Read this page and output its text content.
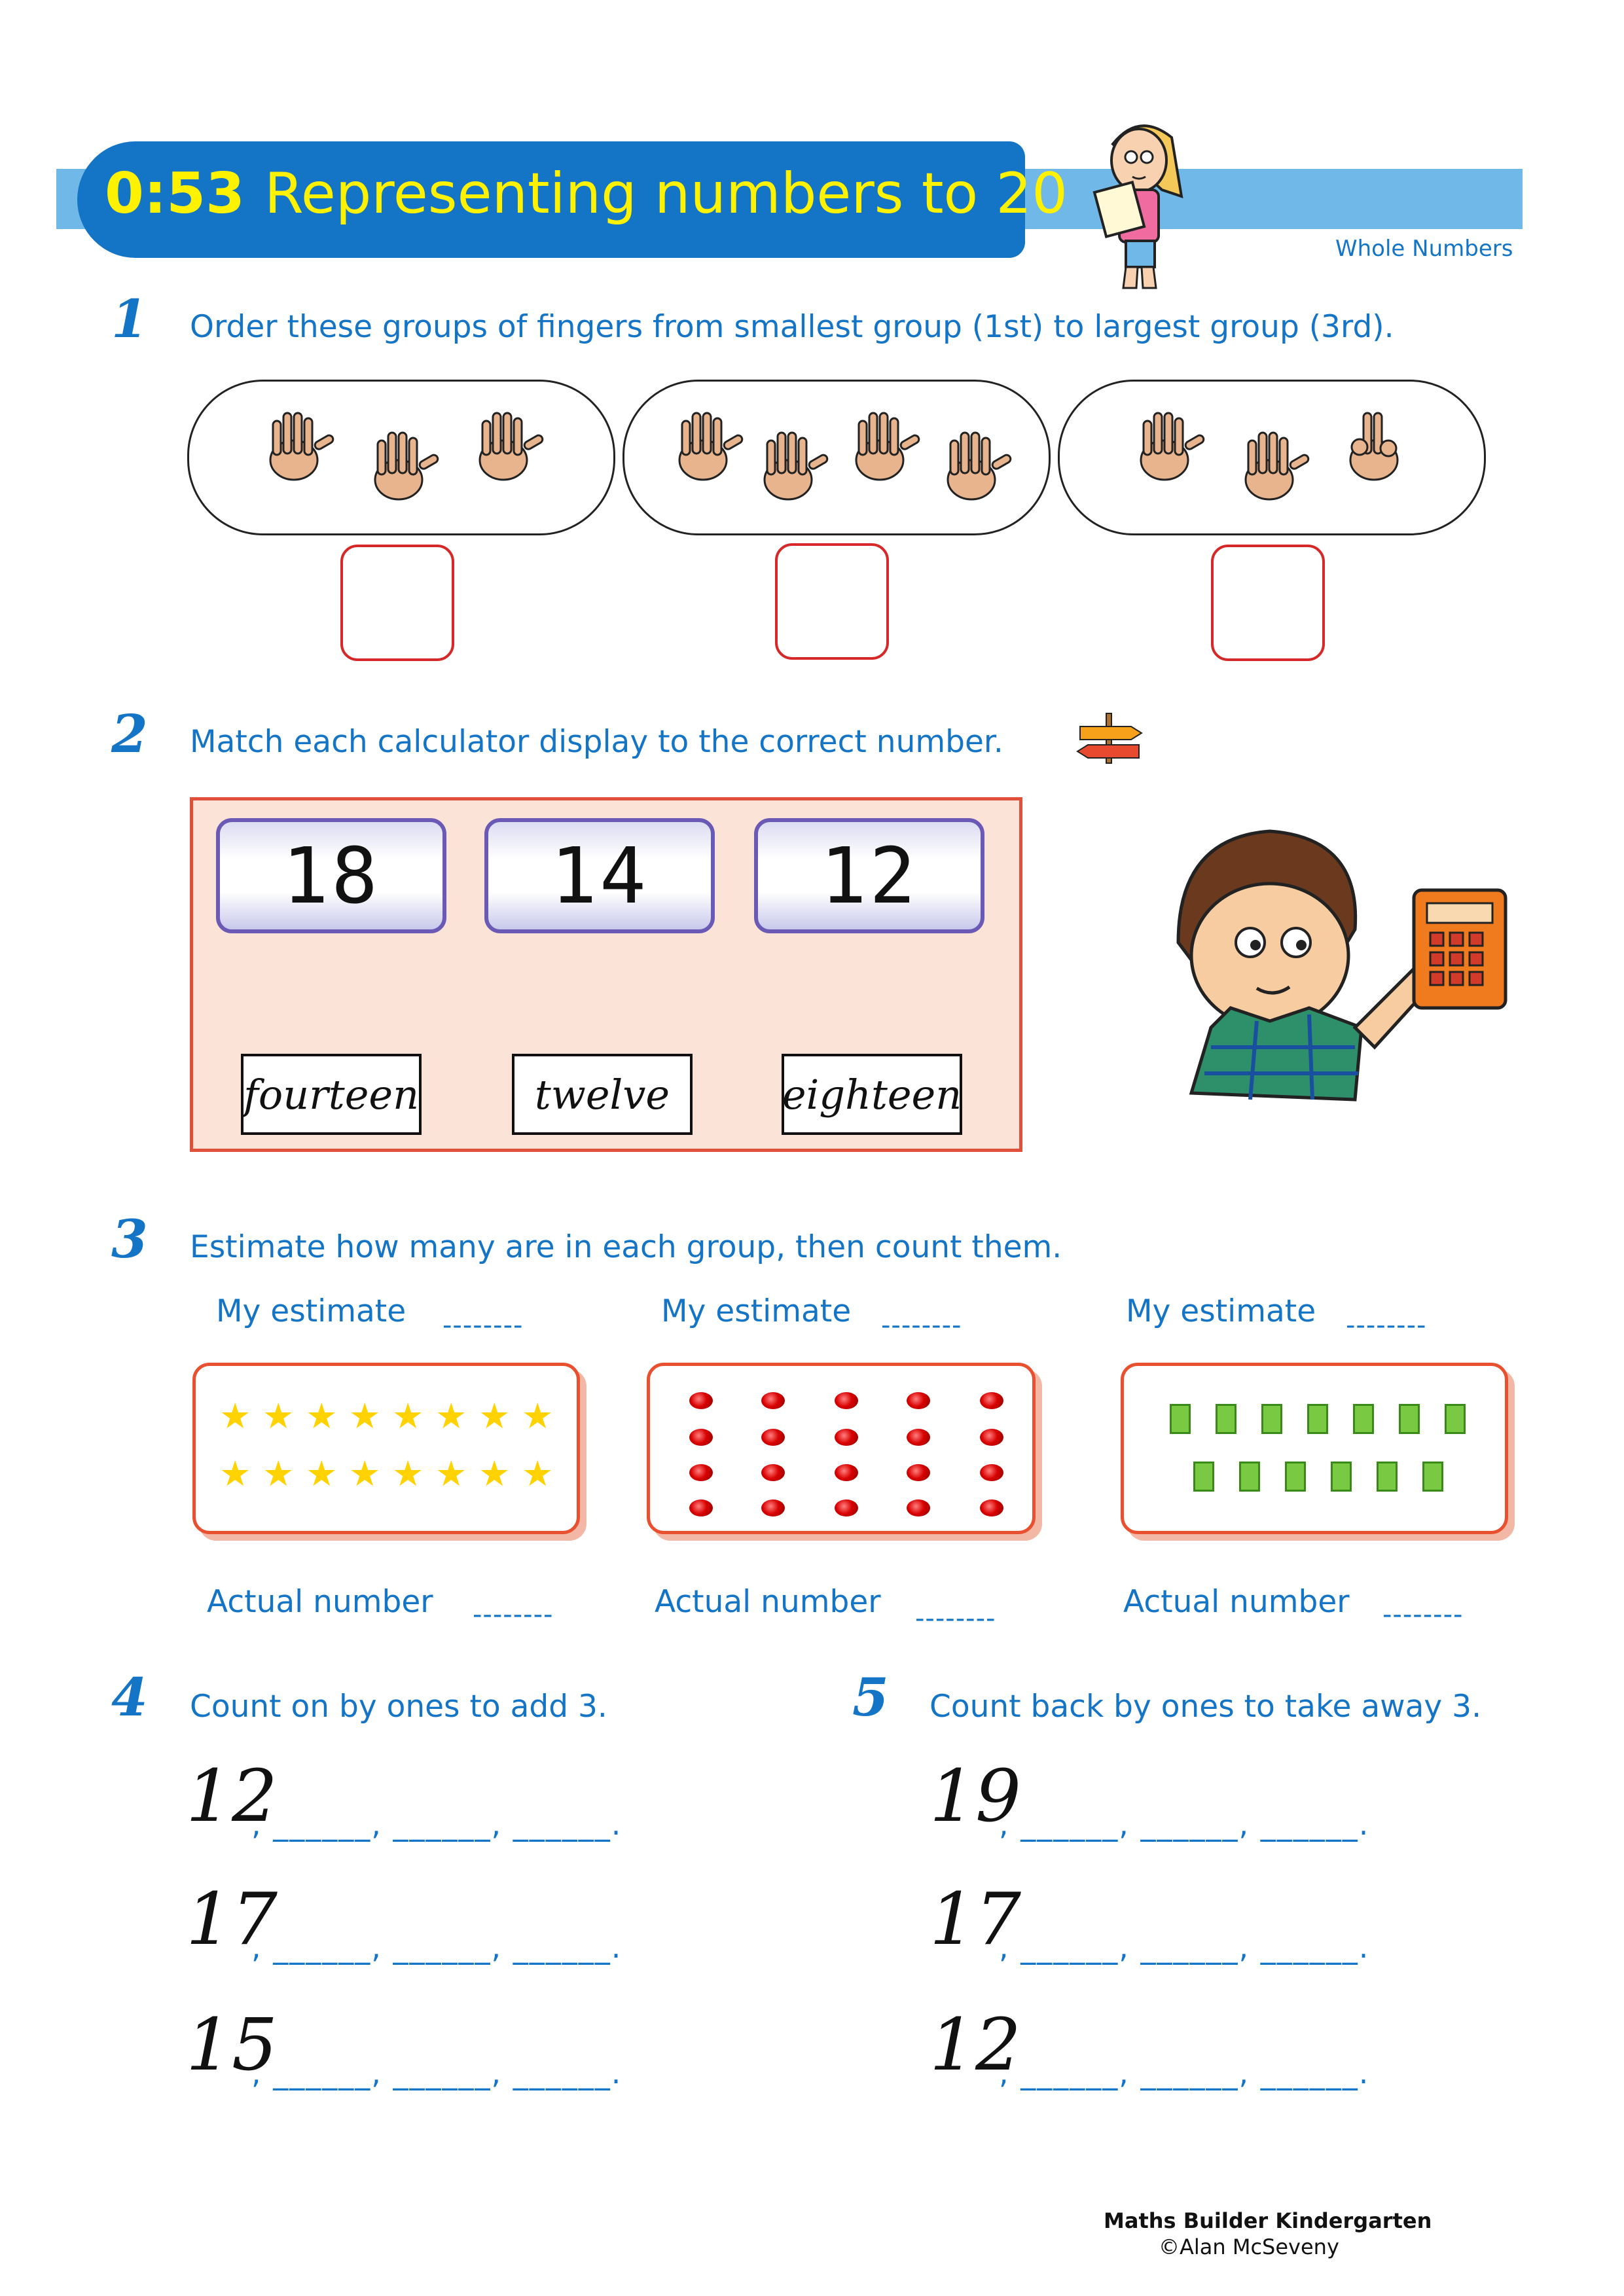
0:53 Representing numbers to 20
Whole Numbers
1 Order these groups of fingers from smallest group (1st) to largest group (3rd).
2 Match each calculator display to the correct number.
18 14 12
fourteen	twelve	eighteen
3 Estimate how many are in each group, then count them.
My estimate --------	My estimate --------	My estimate --------
★ ★ ★ ★ ★ ★ ★ ★
★ ★ ★ ★ ★ ★ ★ ★
Actual number --------	Actual number --------	Actual number --------
4 Count on by ones to add 3.
12
, ______, ______, ______.
17
, ______, ______, ______.
15
, ______, ______, ______.
5 Count back by ones to take away 3.
19
, ______, ______, ______.
17
, ______, ______, ______.
12
, ______, ______, ______.
Maths Builder Kindergarten
©Alan McSeveny
